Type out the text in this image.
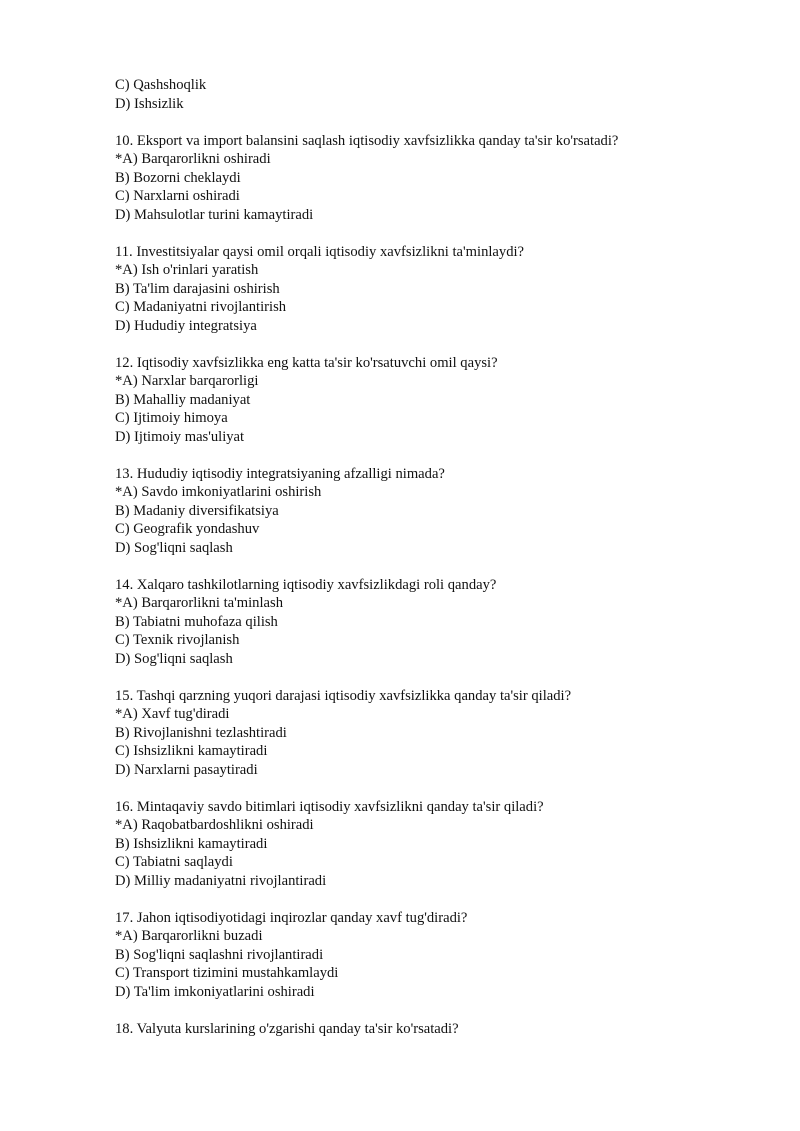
C) Qashshoqlik
D) Ishsizlik
10. Eksport va import balansini saqlash iqtisodiy xavfsizlikka qanday ta'sir ko'rsatadi?
*A) Barqarorlikni oshiradi
B) Bozorni cheklaydi
C) Narxlarni oshiradi
D) Mahsulotlar turini kamaytiradi
11. Investitsiyalar qaysi omil orqali iqtisodiy xavfsizlikni ta'minlaydi?
*A) Ish o'rinlari yaratish
B) Ta'lim darajasini oshirish
C) Madaniyatni rivojlantirish
D) Hududiy integratsiya
12. Iqtisodiy xavfsizlikka eng katta ta'sir ko'rsatuvchi omil qaysi?
*A) Narxlar barqarorligi
B) Mahalliy madaniyat
C) Ijtimoiy himoya
D) Ijtimoiy mas'uliyat
13. Hududiy iqtisodiy integratsiyaning afzalligi nimada?
*A) Savdo imkoniyatlarini oshirish
B) Madaniy diversifikatsiya
C) Geografik yondashuv
D) Sog'liqni saqlash
14. Xalqaro tashkilotlarning iqtisodiy xavfsizlikdagi roli qanday?
*A) Barqarorlikni ta'minlash
B) Tabiatni muhofaza qilish
C) Texnik rivojlanish
D) Sog'liqni saqlash
15. Tashqi qarzning yuqori darajasi iqtisodiy xavfsizlikka qanday ta'sir qiladi?
*A) Xavf tug'diradi
B) Rivojlanishni tezlashtiradi
C) Ishsizlikni kamaytiradi
D) Narxlarni pasaytiradi
16. Mintaqaviy savdo bitimlari iqtisodiy xavfsizlikni qanday ta'sir qiladi?
*A) Raqobatbardoshlikni oshiradi
B) Ishsizlikni kamaytiradi
C) Tabiatni saqlaydi
D) Milliy madaniyatni rivojlantiradi
17. Jahon iqtisodiyotidagi inqirozlar qanday xavf tug'diradi?
*A) Barqarorlikni buzadi
B) Sog'liqni saqlashni rivojlantiradi
C) Transport tizimini mustahkamlaydi
D) Ta'lim imkoniyatlarini oshiradi
18. Valyuta kurslarining o'zgarishi qanday ta'sir ko'rsatadi?
